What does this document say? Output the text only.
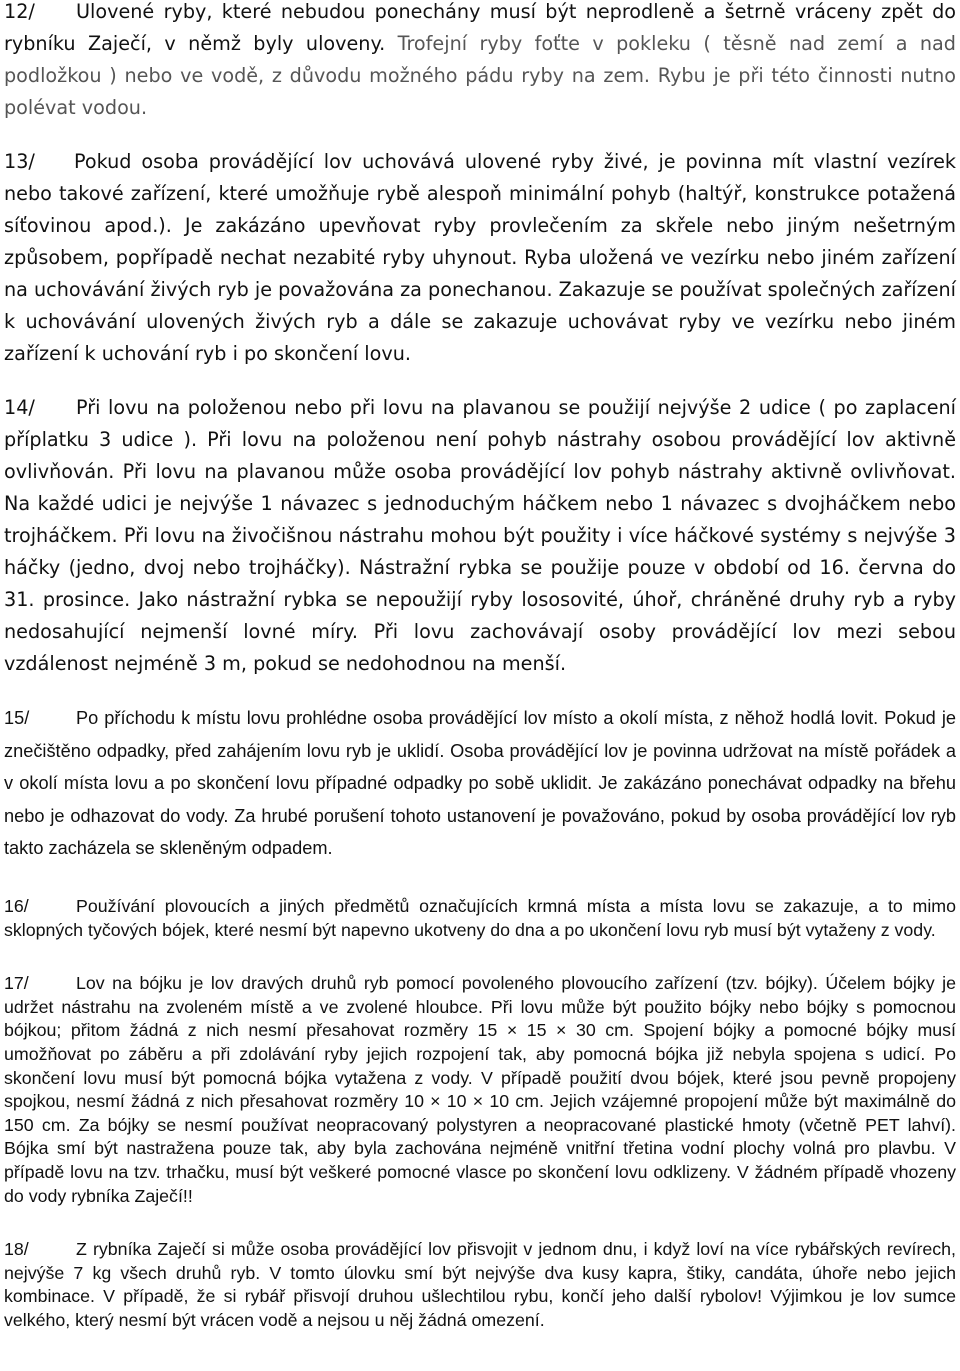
12/ Ulovené ryby, které nebudou ponechány musí být neprodleně a šetrně vráceny zpět do rybníku Zaječí, v němž byly uloveny. Trofejní ryby foťte v pokleku ( těsně nad zemí a nad podložkou ) nebo ve vodě, z důvodu možného pádu ryby na zem. Rybu je při této činnosti nutno polévat vodou.

13/ Pokud osoba provádějící lov uchovává ulovené ryby živé, je povinna mít vlastní vezírek nebo takové zařízení, které umožňuje rybě alespoň minimální pohyb (haltýř, konstrukce potažená síťovinou apod.). Je zakázáno upevňovat ryby provlečením za skřele nebo jiným nešetrným způsobem, popřípadě nechat nezabité ryby uhynout. Ryba uložená ve vezírku nebo jiném zařízení na uchovávání živých ryb je považována za ponechanou. Zakazuje se používat společných zařízení k uchovávání ulovených živých ryb a dále se zakazuje uchovávat ryby ve vezírku nebo jiném zařízení k uchování ryb i po skončení lovu.

14/ Při lovu na položenou nebo při lovu na plavanou se použijí nejvýše 2 udice ( po zaplacení příplatku 3 udice ). Při lovu na položenou není pohyb nástrahy osobou provádějící lov aktivně ovlivňován. Při lovu na plavanou může osoba provádějící lov pohyb nástrahy aktivně ovlivňovat. Na každé udici je nejvýše 1 návazec s jednoduchým háčkem nebo 1 návazec s dvojháčkem nebo trojháčkem. Při lovu na živočišnou nástrahu mohou být použity i více háčkové systémy s nejvýše 3 háčky (jedno, dvoj nebo trojháčky). Nástražní rybka se použije pouze v období od 16. června do 31. prosince. Jako nástražní rybka se nepoužijí ryby lososovité, úhoř, chráněné druhy ryb a ryby nedosahující nejmenší lovné míry. Při lovu zachovávají osoby provádějící lov mezi sebou vzdálenost nejméně 3 m, pokud se nedohodnou na menší.

15/	Po příchodu k místu lovu prohlédne osoba provádějící lov místo a okolí místa, z něhož hodlá lovit. Pokud je znečištěno odpadky, před zahájením lovu ryb je uklidí. Osoba provádějící lov je povinna udržovat na místě pořádek a v okolí místa lovu a po skončení lovu případné odpadky po sobě uklidit. Je zakázáno ponechávat odpadky na břehu nebo je odhazovat do vody. Za hrubé porušení tohoto ustanovení je považováno, pokud by osoba provádějící lov ryb takto zacházela se skleněným odpadem.

16/	Používání plovoucích a jiných předmětů označujících krmná místa a místa lovu se zakazuje, a to mimo sklopných tyčových bójek, které nesmí být napevno ukotveny do dna a po ukončení lovu ryb musí být vytaženy z vody.

17/	Lov na bójku je lov dravých druhů ryb pomocí povoleného plovoucího zařízení (tzv. bójky). Účelem bójky je udržet nástrahu na zvoleném místě a ve zvolené hloubce. Při lovu může být použito bójky nebo bójky s pomocnou bójkou; přitom žádná z nich nesmí přesahovat rozměry 15 × 15 × 30 cm. Spojení bójky a pomocné bójky musí umožňovat po záběru a při zdolávání ryby jejich rozpojení tak, aby pomocná bójka již nebyla spojena s udicí. Po skončení lovu musí být pomocná bójka vytažena z vody. V případě použití dvou bójek, které jsou pevně propojeny spojkou, nesmí žádná z nich přesahovat rozměry 10 × 10 × 10 cm. Jejich vzájemné propojení může být maximálně do 150 cm. Za bójky se nesmí používat neopracovaný polystyren a neopracované plastické hmoty (včetně PET lahví). Bójka smí být nastražena pouze tak, aby byla zachována nejméně vnitřní třetina vodní plochy volná pro plavbu. V případě lovu na tzv. trhačku, musí být veškeré pomocné vlasce po skončení lovu odklizeny. V žádném případě vhozeny do vody rybníka Zaječí!!

18/	Z rybníka Zaječí si může osoba provádějící lov přisvojit v jednom dnu, i když loví na více rybářských revírech, nejvýše 7 kg všech druhů ryb. V tomto úlovku smí být nejvýše dva kusy kapra, štiky, candáta, úhoře nebo jejich kombinace. V případě, že si rybář přisvojí druhou ušlechtilou rybu, končí jeho další rybolov! Výjimkou je lov sumce velkého, který nesmí být vrácen vodě a nejsou u něj žádná omezení.
